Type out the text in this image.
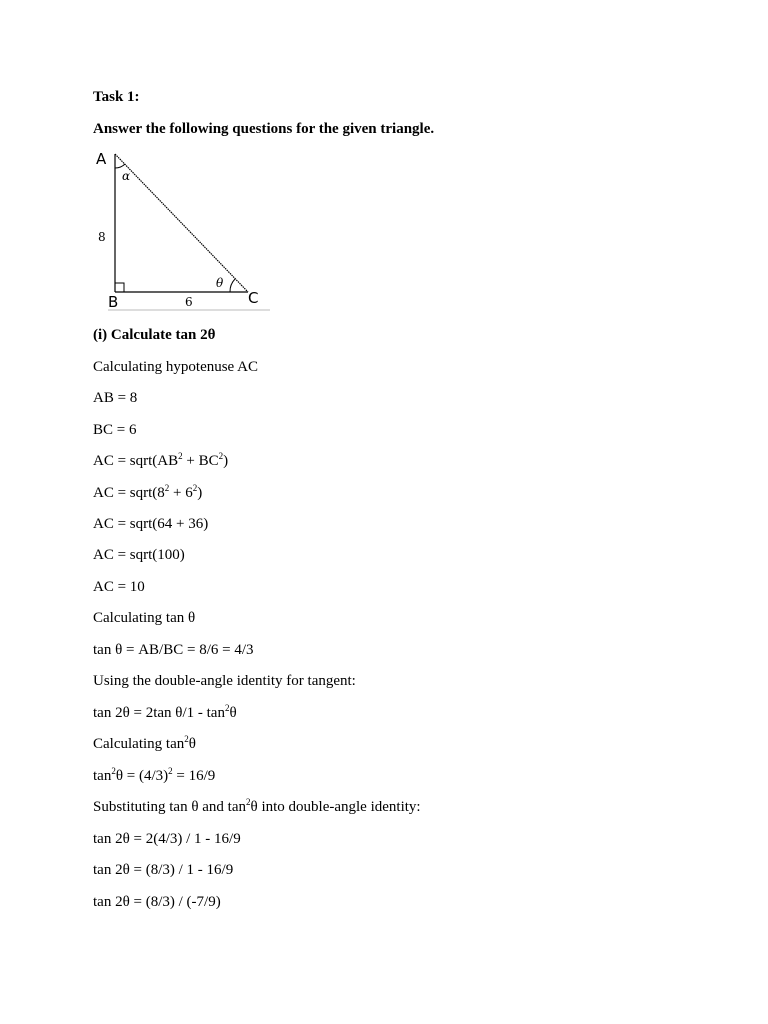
Task 1:
Answer the following questions for the given triangle.
A
B	C
α
θ
8
6
(i) Calculate tan 2θ
Calculating hypotenuse AC
AB = 8
BC = 6
AC = $sqrt(AB^2 + BC^2)$
AC = $sqrt(8^2 + 6^2)$
AC = sqrt(64 + 36)
AC = sqrt(100)
AC = 10
Calculating tan θ
tan θ = AB/BC = 8/6 = 4/3
Using the double-angle identity for tangent:
tan 2θ = 2tan $\theta/1 - \tan^2\theta$
Calculating $\tan^2\theta$
$\tan^2\theta = (4/3)^2 = 16/9$
Substituting tan θ and $\tan^2\theta$ into double-angle identity:
tan 2θ = 2(4/3) / 1 - 16/9
tan 2θ = (8/3) / 1 - 16/9
tan 2θ = (8/3) / (-7/9)
